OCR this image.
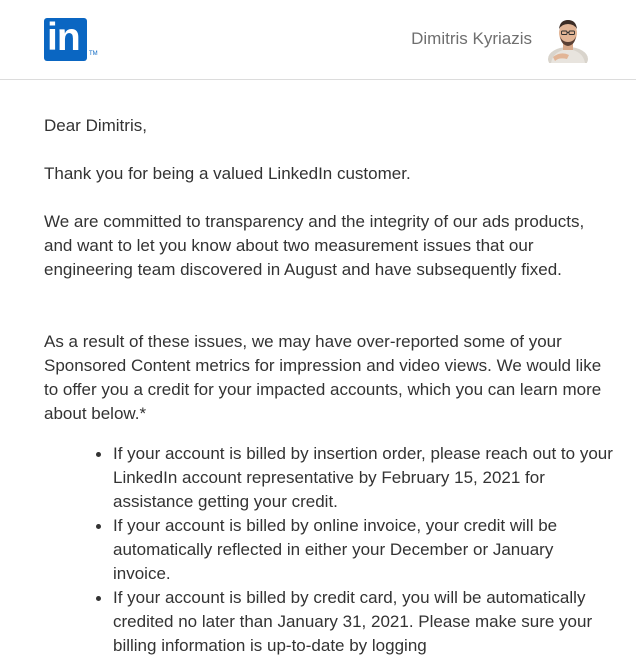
in TM
Dimitris Kyriazis

Dear Dimitris,

Thank you for being a valued LinkedIn customer.

We are committed to transparency and the integrity of our ads products, and want to let you know about two measurement issues that our engineering team discovered in August and have subsequently fixed.

As a result of these issues, we may have over-reported some of your Sponsored Content metrics for impression and video views. We would like to offer you a credit for your impacted accounts, which you can learn more about below.*

If your account is billed by insertion order, please reach out to your LinkedIn account representative by February 15, 2021 for assistance getting your credit.
If your account is billed by online invoice, your credit will be automatically reflected in either your December or January invoice.
If your account is billed by credit card, you will be automatically credited no later than January 31, 2021. Please make sure your billing information is up-to-date by logging
